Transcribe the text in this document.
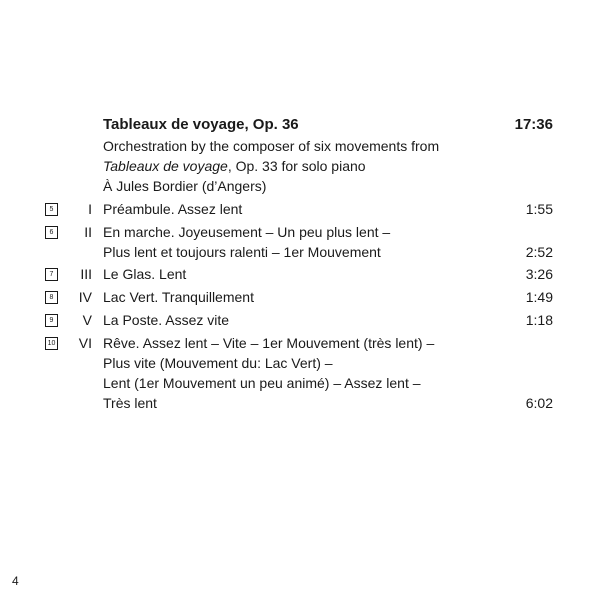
Tableaux de voyage, Op. 36	17:36
Orchestration by the composer of six movements from
Tableaux de voyage, Op. 33 for solo piano
À Jules Bordier (d’Angers)
5	I Préambule. Assez lent	1:55
6	II En marche. Joyeusement – Un peu plus lent –
Plus lent et toujours ralenti – 1er Mouvement	2:52
7	III Le Glas. Lent	3:26
8	IV Lac Vert. Tranquillement	1:49
9	V La Poste. Assez vite	1:18
10	VI Rêve. Assez lent – Vite – 1er Mouvement (très lent) –
Plus vite (Mouvement du: Lac Vert) –
Lent (1er Mouvement un peu animé) – Assez lent –
Très lent	6:02
4
